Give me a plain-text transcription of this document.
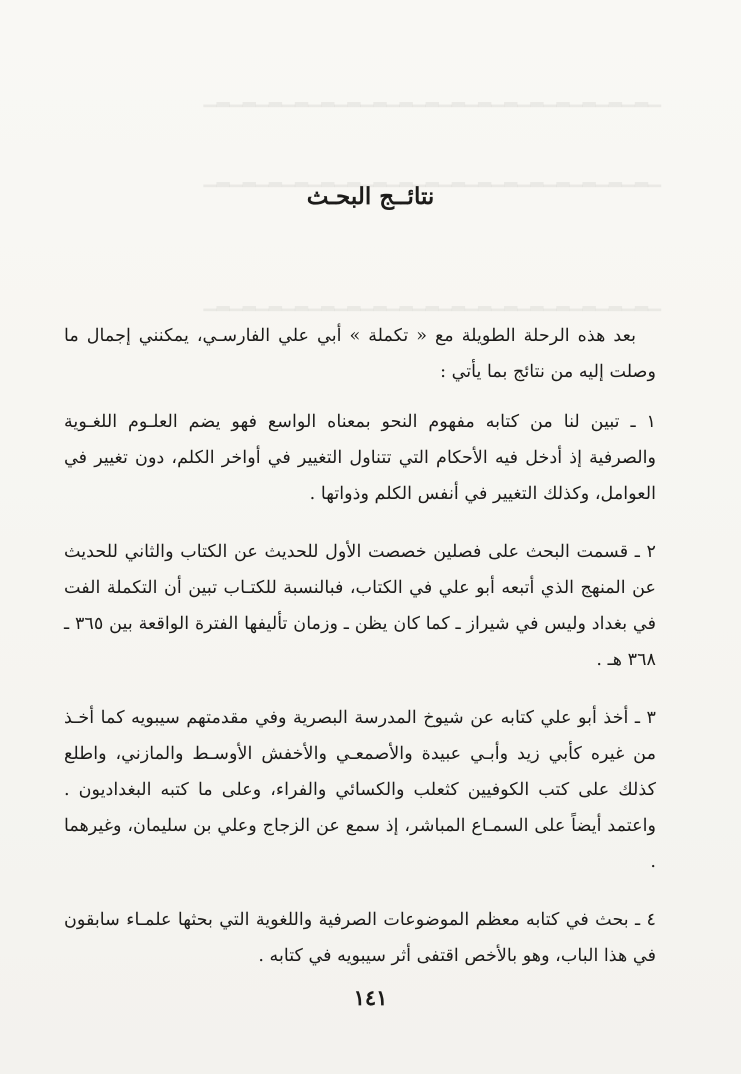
▁▂▁▂▁▂▁▂▁▂▁▂▁▂▁▂▁▂▁▂▁▂▁▂▁▂▁▂▁▂▁▂▁▂▁
▁▂▁▂▁▂▁▂▁▂▁▂▁▂▁▂▁▂▁▂▁▂▁▂▁▂▁▂▁▂▁▂▁▂▁
▁▂▁▂▁▂▁▂▁▂▁▂▁▂▁▂▁▂▁▂▁▂▁▂▁▂▁▂▁▂▁▂▁▂▁
نتائــج البحـث

بعد هذه الرحلة الطويلة مع « تكملة » أبي علي الفارسـي، يمكنني إجمال ما وصلت إليه من نتائج بما يأتي :

١ ـ تبين لنا من كتابه مفهوم النحو بمعناه الواسع فهو يضم العلـوم اللغـوية والصرفية إذ أدخل فيه الأحكام التي تتناول التغيير في أواخر الكلم، دون تغيير في العوامل، وكذلك التغيير في أنفس الكلم وذواتها .

٢ ـ قسمت البحث على فصلين خصصت الأول للحديث عن الكتاب والثاني للحديث عن المنهج الذي أتبعه أبو علي في الكتاب، فبالنسبة للكتـاب تبين أن التكملة الفت في بغداد وليس في شيراز ـ كما كان يظن ـ وزمان تأليفها الفترة الواقعة بين ٣٦٥ ـ ٣٦٨ هـ .

٣ ـ أخذ أبو علي كتابه عن شيوخ المدرسة البصرية وفي مقدمتهم سيبويه كما أخـذ من غيره كأبي زيد وأبـي عبيدة والأصمعـي والأخفش الأوسـط والمازني، واطلع كذلك على كتب الكوفيين كثعلب والكسائي والفراء، وعلى ما كتبه البغداديون . واعتمد أيضاً على السمـاع المباشر، إذ سمع عن الزجاج وعلي بن سليمان، وغيرهما .

٤ ـ بحث في كتابه معظم الموضوعات الصرفية واللغوية التي بحثها علمـاء سابقون في هذا الباب، وهو بالأخص اقتفى أثر سيبويه في كتابه .

١٤١
